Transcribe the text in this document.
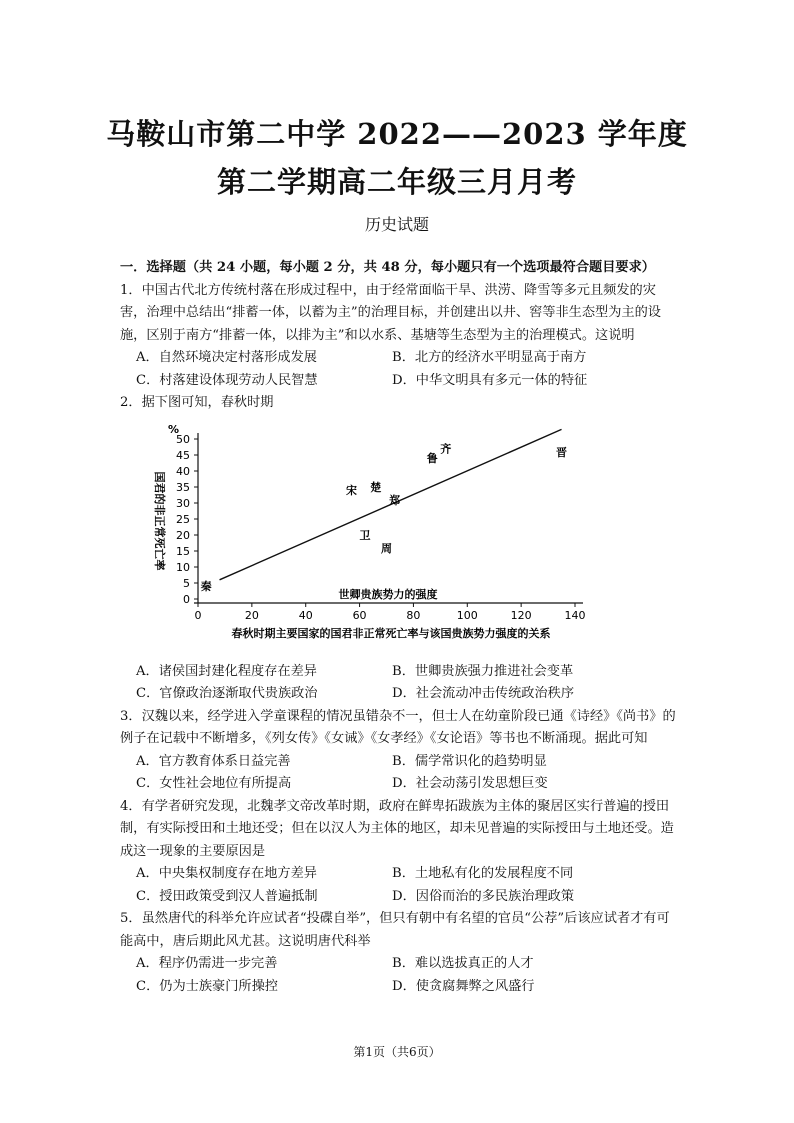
马鞍山市第二中学 2022——2023 学年度
第二学期高二年级三月月考
历史试题
一．选择题（共 24 小题，每小题 2 分，共 48 分，每小题只有一个选项最符合题目要求）
1．中国古代北方传统村落在形成过程中，由于经常面临干旱、洪涝、降雪等多元且频发的灾害，治理中总结出“排蓄一体，以蓄为主”的治理目标，并创建出以井、窖等非生态型为主的设施，区别于南方“排蓄一体，以排为主”和以水系、基塘等生态型为主的治理模式。这说明
A．自然环境决定村落形成发展	B．北方的经济水平明显高于南方
C．村落建设体现劳动人民智慧	D．中华文明具有多元一体的特征
2．据下图可知，春秋时期
0
5
10
15
20
25
30
35
40
45
50
0	20	40	60	80	100	120	140
秦
卫
周
宋 楚
郑
鲁
齐	晋
%
国君的非正常死亡率
世卿贵族势力的强度
春秋时期主要国家的国君非正常死亡率与该国贵族势力强度的关系
A．诸侯国封建化程度存在差异	B．世卿贵族强力推进社会变革
C．官僚政治逐渐取代贵族政治	D．社会流动冲击传统政治秩序
3．汉魏以来，经学进入学童课程的情况虽错杂不一，但士人在幼童阶段已通《诗经》《尚书》的例子在记载中不断增多，《列女传》《女诫》《女孝经》《女论语》等书也不断涌现。据此可知
A．官方教育体系日益完善	B．儒学常识化的趋势明显
C．女性社会地位有所提高	D．社会动荡引发思想巨变
4．有学者研究发现，北魏孝文帝改革时期，政府在鲜卑拓跋族为主体的聚居区实行普遍的授田制，有实际授田和土地还受；但在以汉人为主体的地区，却未见普遍的实际授田与土地还受。造成这一现象的主要原因是
A．中央集权制度存在地方差异	B．土地私有化的发展程度不同
C．授田政策受到汉人普遍抵制	D．因俗而治的多民族治理政策
5．虽然唐代的科举允许应试者“投碟自举”，但只有朝中有名望的官员“公荐”后该应试者才有可能高中，唐后期此风尤甚。这说明唐代科举
A．程序仍需进一步完善	B．难以选拔真正的人才
C．仍为士族豪门所操控	D．使贪腐舞弊之风盛行
第1页（共6页）
